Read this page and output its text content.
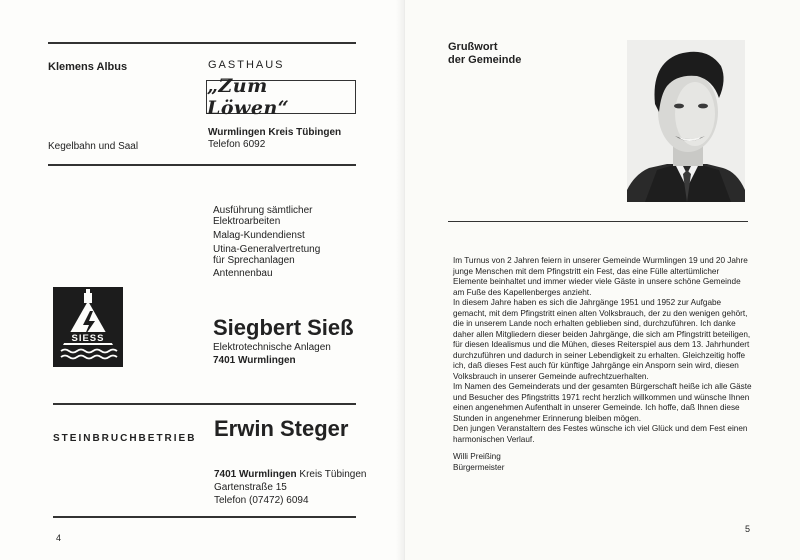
Klemens Albus	GASTHAUS
„Zum Löwen“
Kegelbahn und Saal
Wurmlingen Kreis Tübingen
Telefon 6092
Ausführung sämtlicher
Elektroarbeiten
Malag-Kundendienst
Utina-Generalvertretung
für Sprechanlagen
Antennenbau
SIESS	Siegbert Sieß
Elektrotechnische Anlagen
7401 Wurmlingen
STEINBRUCHBETRIEB Erwin Steger
7401 Wurmlingen Kreis Tübingen
Gartenstraße 15
Telefon (07472) 6094
4
Grußwort
der Gemeinde

Im Turnus von 2 Jahren feiern in unserer Gemeinde Wurmlingen 19 und 20 Jahre junge Menschen mit dem Pfingstritt ein Fest, das eine Fülle altertümlicher Elemente beinhaltet und immer wieder viele Gäste in unsere schöne Gemeinde am Fuße des Kapellenberges anzieht.

In diesem Jahre haben es sich die Jahrgänge 1951 und 1952 zur Aufgabe gemacht, mit dem Pfingstritt einen alten Volksbrauch, der zu den wenigen gehört, die in unserem Lande noch erhalten geblieben sind, durchzuführen. Ich danke daher allen Mitgliedern dieser beiden Jahrgänge, die sich am Pfingstritt beteiligen, für diesen Idealismus und die Mühen, dieses Reiterspiel aus dem 13. Jahrhundert durchzuführen und dadurch in seiner Lebendigkeit zu erhalten. Gleichzeitig hoffe ich, daß dieses Fest auch für künftige Jahrgänge ein Ansporn sein wird, diesen Volksbrauch in unserer Gemeinde aufrechtzuerhalten.

Im Namen des Gemeinderats und der gesamten Bürgerschaft heiße ich alle Gäste und Besucher des Pfingstritts 1971 recht herzlich willkommen und wünsche Ihnen einen angenehmen Aufenthalt in unserer Gemeinde. Ich hoffe, daß Ihnen diese Stunden in angenehmer Erinnerung bleiben mögen.

Den jungen Veranstaltern des Festes wünsche ich viel Glück und dem Fest einen harmonischen Verlauf.

Willi Preißing

Bürgermeister

5
